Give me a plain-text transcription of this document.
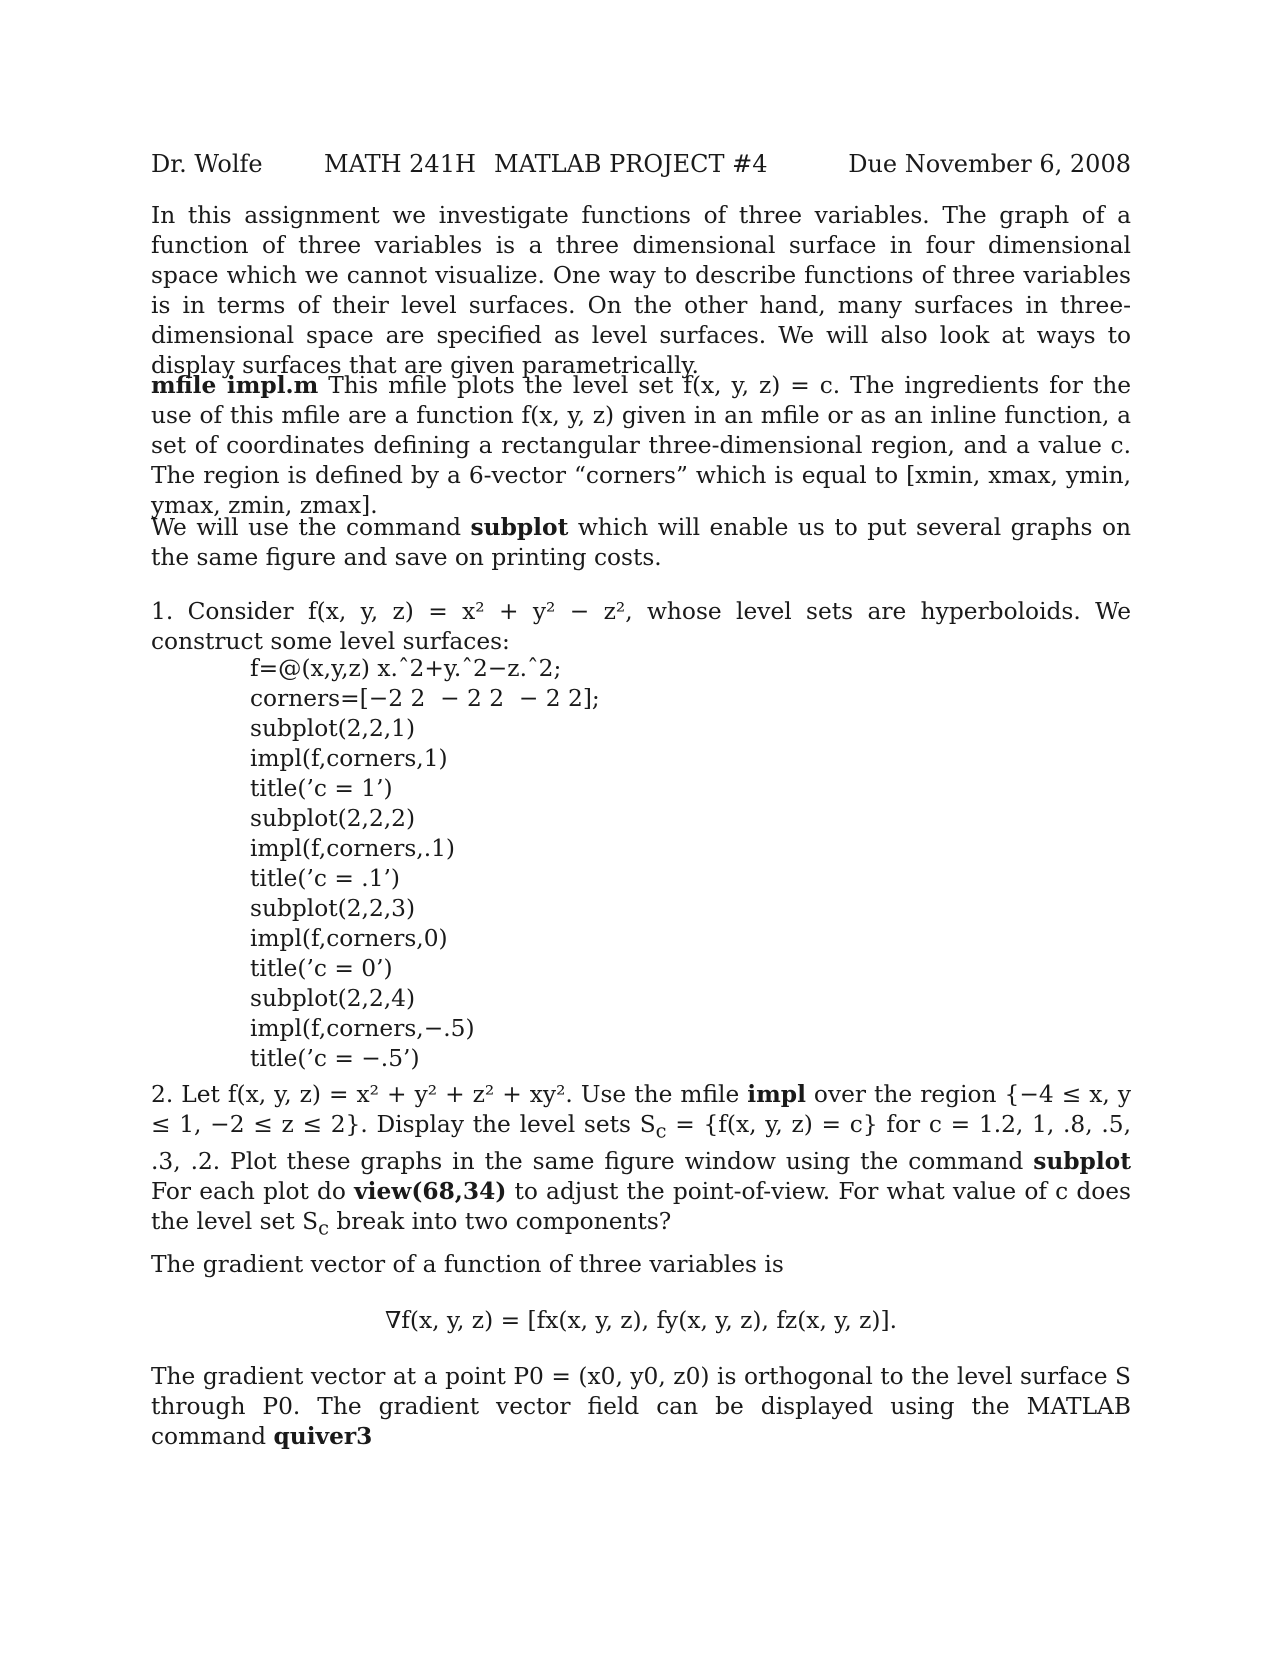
Dr. Wolfe	MATH 241H MATLAB PROJECT #4	Due November 6, 2008

In this assignment we investigate functions of three variables. The graph of a function of three variables is a three dimensional surface in four dimensional space which we cannot visualize. One way to describe functions of three variables is in terms of their level surfaces. On the other hand, many surfaces in three-dimensional space are specified as level surfaces. We will also look at ways to display surfaces that are given parametrically.

mfile impl.m This mfile plots the level set f(x, y, z) = c. The ingredients for the use of this mfile are a function f(x, y, z) given in an mfile or as an inline function, a set of coordinates defining a rectangular three-dimensional region, and a value c. The region is defined by a 6-vector “corners” which is equal to [xmin, xmax, ymin, ymax, zmin, zmax].

We will use the command subplot which will enable us to put several graphs on the same figure and save on printing costs.

1. Consider f(x, y, z) = x² + y² − z², whose level sets are hyperboloids. We construct some level surfaces:

f=@(x,y,z) x.ˆ2+y.ˆ2−z.ˆ2;
corners=[−2 2  − 2 2  − 2 2];
subplot(2,2,1)
impl(f,corners,1)
title(’c = 1’)
subplot(2,2,2)
impl(f,corners,.1)
title(’c = .1’)
subplot(2,2,3)
impl(f,corners,0)
title(’c = 0’)
subplot(2,2,4)
impl(f,corners,−.5)
title(’c = −.5’)

2. Let f(x, y, z) = x² + y² + z² + xy². Use the mfile impl over the region {−4 ≤ x, y ≤ 1, −2 ≤ z ≤ 2}. Display the level sets $S_c = \{f(x$, y, z) = c} for c = 1.2, 1, .8, .5, .3, .2. Plot these graphs in the same figure window using the command subplot For each plot do view(68,34) to adjust the point-of-view. For what value of c does the level set $S_c$ break into two components?

The gradient vector of a function of three variables is

∇f(x, y, z) = [fx(x, y, z), fy(x, y, z), fz(x, y, z)].

The gradient vector at a point P0 = (x0, y0, z0) is orthogonal to the level surface S through P0. The gradient vector field can be displayed using the MATLAB command quiver3
